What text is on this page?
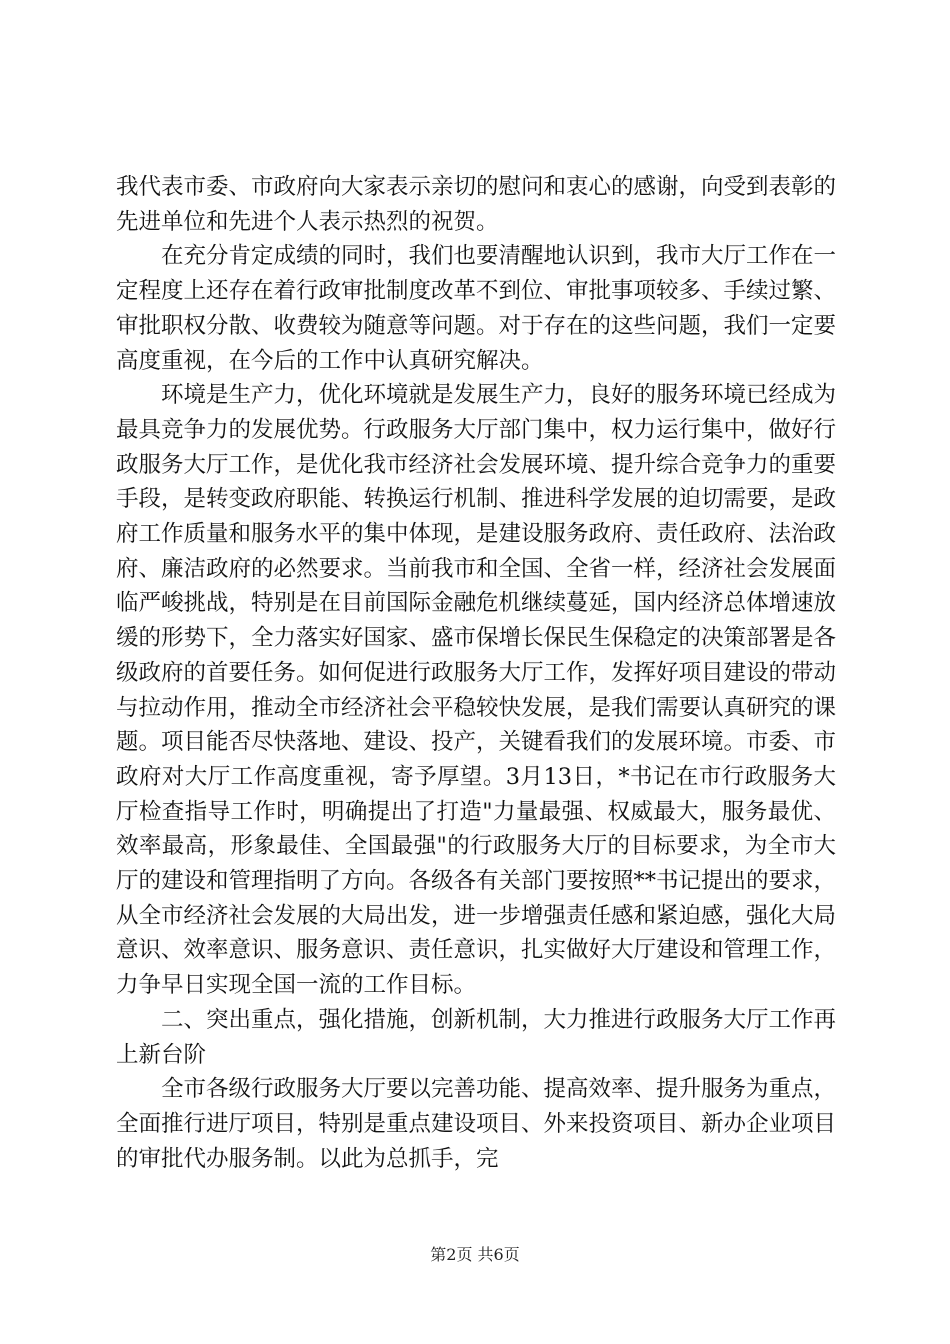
我代表市委、市政府向大家表示亲切的慰问和衷心的感谢，向受到表彰的先进单位和先进个人表示热烈的祝贺。

在充分肯定成绩的同时，我们也要清醒地认识到，我市大厅工作在一定程度上还存在着行政审批制度改革不到位、审批事项较多、手续过繁、审批职权分散、收费较为随意等问题。对于存在的这些问题，我们一定要高度重视，在今后的工作中认真研究解决。

环境是生产力，优化环境就是发展生产力，良好的服务环境已经成为最具竞争力的发展优势。行政服务大厅部门集中，权力运行集中，做好行政服务大厅工作，是优化我市经济社会发展环境、提升综合竞争力的重要手段，是转变政府职能、转换运行机制、推进科学发展的迫切需要，是政府工作质量和服务水平的集中体现，是建设服务政府、责任政府、法治政府、廉洁政府的必然要求。当前我市和全国、全省一样，经济社会发展面临严峻挑战，特别是在目前国际金融危机继续蔓延，国内经济总体增速放缓的形势下，全力落实好国家、盛市保增长保民生保稳定的决策部署是各级政府的首要任务。如何促进行政服务大厅工作，发挥好项目建设的带动与拉动作用，推动全市经济社会平稳较快发展，是我们需要认真研究的课题。项目能否尽快落地、建设、投产，关键看我们的发展环境。市委、市政府对大厅工作高度重视，寄予厚望。3月13日，*书记在市行政服务大厅检查指导工作时，明确提出了打造"力量最强、权威最大，服务最优、效率最高，形象最佳、全国最强"的行政服务大厅的目标要求，为全市大厅的建设和管理指明了方向。各级各有关部门要按照**书记提出的要求，从全市经济社会发展的大局出发，进一步增强责任感和紧迫感，强化大局意识、效率意识、服务意识、责任意识，扎实做好大厅建设和管理工作，力争早日实现全国一流的工作目标。

二、突出重点，强化措施，创新机制，大力推进行政服务大厅工作再上新台阶

全市各级行政服务大厅要以完善功能、提高效率、提升服务为重点，全面推行进厅项目，特别是重点建设项目、外来投资项目、新办企业项目的审批代办服务制。以此为总抓手，完

第2页 共6页
